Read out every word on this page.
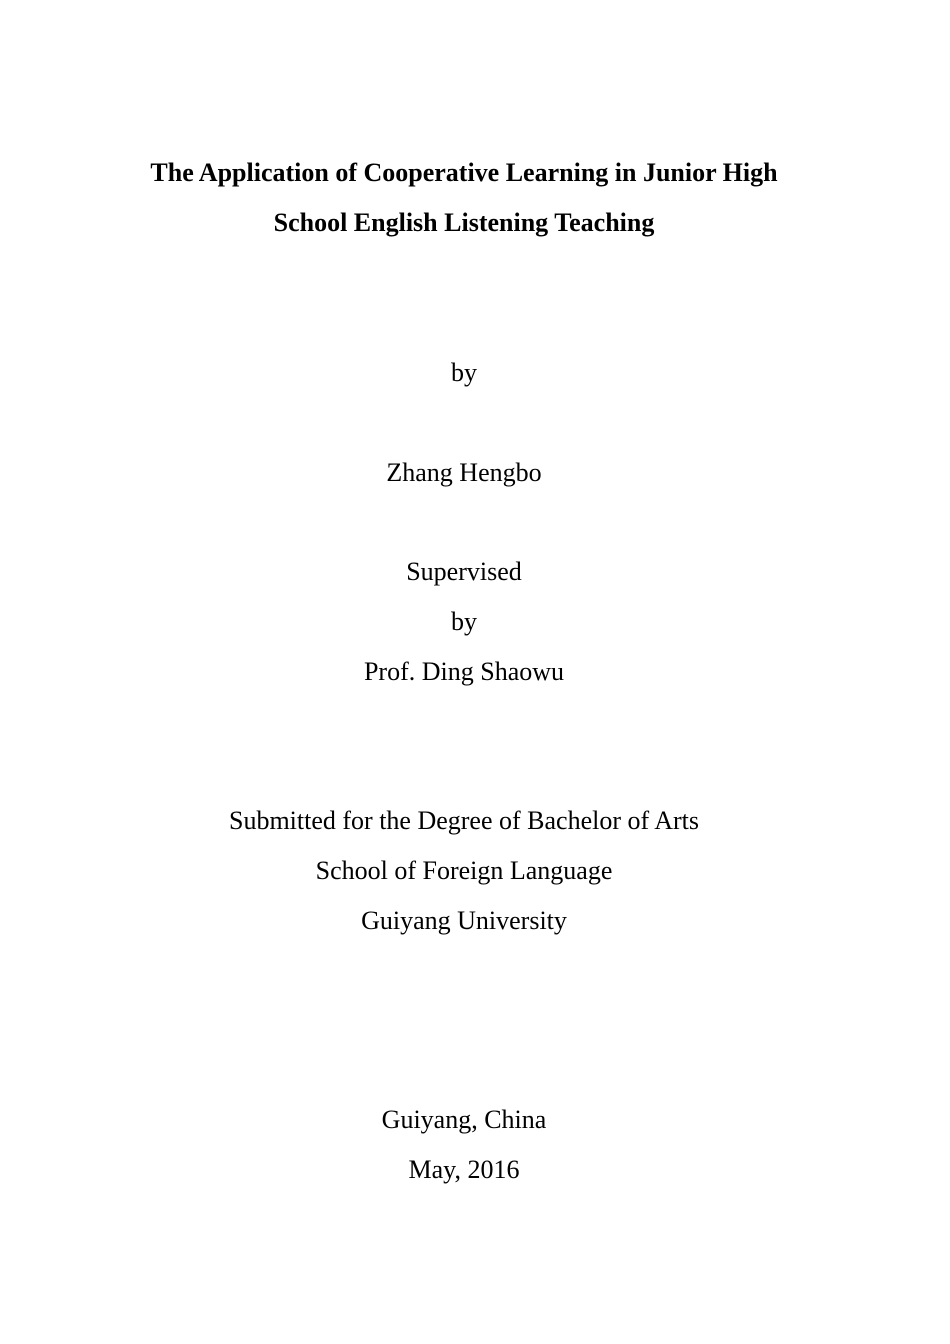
The Application of Cooperative Learning in Junior High
School English Listening Teaching
by
Zhang Hengbo
Supervised
by
Prof. Ding Shaowu
Submitted for the Degree of Bachelor of Arts
School of Foreign Language
Guiyang University
Guiyang, China
May, 2016
